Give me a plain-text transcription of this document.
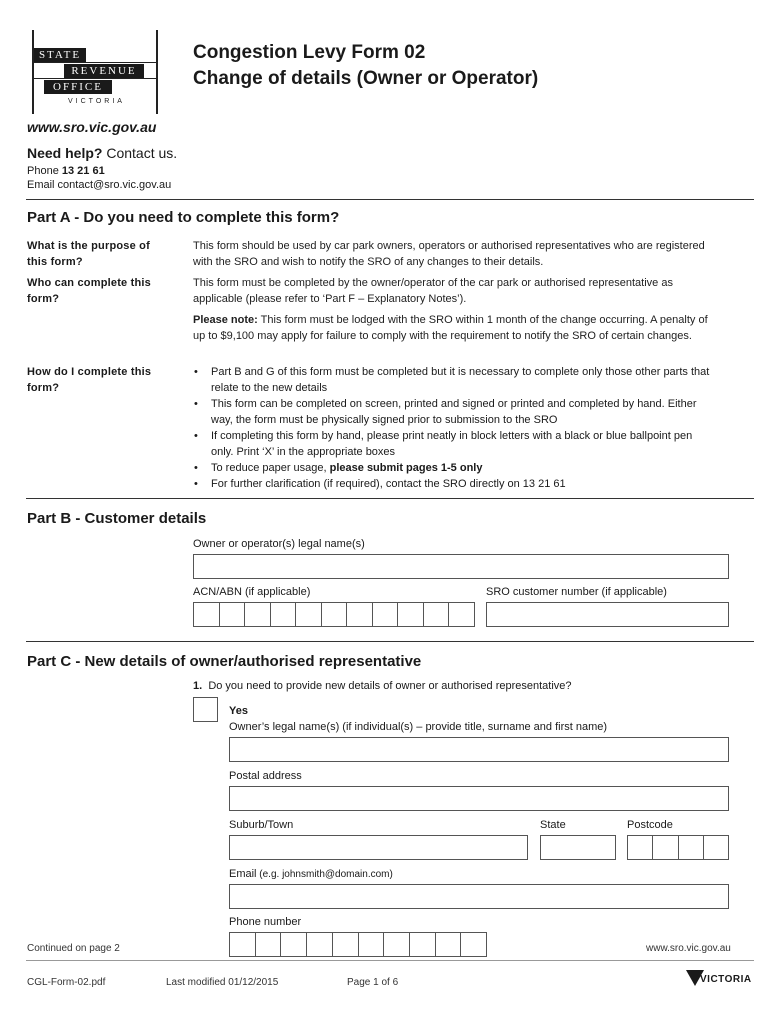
STATE
REVENUE
OFFICE
VICTORIA
Congestion Levy Form 02
Change of details (Owner or Operator)
www.sro.vic.gov.au
Need help? Contact us.
Phone 13 21 61
Email contact@sro.vic.gov.au
Part A - Do you need to complete this form?
What is the purpose of this form?
This form should be used by car park owners, operators or authorised representatives who are registered with the SRO and wish to notify the SRO of any changes to their details.
Who can complete this form?
This form must be completed by the owner/operator of the car park or authorised representative as applicable (please refer to ‘Part F – Explanatory Notes’).
Please note: This form must be lodged with the SRO within 1 month of the change occurring. A penalty of up to $9,100 may apply for failure to comply with the requirement to notify the SRO of certain changes.
How do I complete this form?
• Part B and G of this form must be completed but it is necessary to complete only those other parts that relate to the new details
• This form can be completed on screen, printed and signed or printed and completed by hand. Either way, the form must be physically signed prior to submission to the SRO
• If completing this form by hand, please print neatly in block letters with a black or blue ballpoint pen only. Print ‘X’ in the appropriate boxes
• To reduce paper usage, please submit pages 1-5 only
• For further clarification (if required), contact the SRO directly on 13 21 61
Part B - Customer details
Owner or operator(s) legal name(s)
ACN/ABN (if applicable)	SRO customer number (if applicable)
Part C - New details of owner/authorised representative
1. Do you need to provide new details of owner or authorised representative?
Yes
Owner’s legal name(s) (if individual(s) – provide title, surname and first name)
Postal address
Suburb/Town	State	Postcode
Email (e.g. johnsmith@domain.com)
Phone number
Continued on page 2	www.sro.vic.gov.au
CGL-Form-02.pdf	Last modified 01/12/2015	Page 1 of 6	VICTORIA
